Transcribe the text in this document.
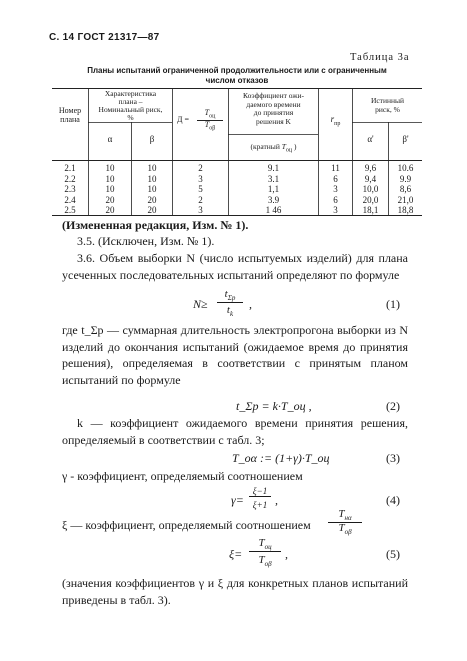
С. 14 ГОСТ 21317—87
Таблица 3а
Планы испытаний ограниченной продолжительности или с ограниченным
числом отказов
Номер
плана
Характеристика
плана –
Номинальный риск,
%
α	β
Д =
$T_{оц}$
$T_{o\beta}$
Коэффициент ожи-
даемого времени
до принятия
решения K
(кратный $T_{оц}$ )
$r_{пр}$
Истинный
риск, %
α'	β'
2.1	10	10	2	9.1	11	9,6	10.6
2.2	10	10	3	3.1	6	9,4	9.9
2.3	10	10	5	1,1	3	10,0	8,6
2.4	20	20	2	3.9	6	20,0	21,0
2.5	20	20	3	1 46	3	18,1	18,8
(Измененная редакция, Изм. № 1).
3.5. (Исключен, Изм. № 1).

3.6. Объем выборки N (число испытуемых изделий) для плана усеченных последовательных испытаний определяют по формуле

N≥
$t_{\Sigma р}$
$t_k$
,	(1)

где t_Σр — суммарная длительность электропрогона выборки из N изделий до окончания испытаний (ожидаемое время до принятия решения), определяемая в соответствии с принятым планом испытаний по формуле

t_Σр = k·T_оц ,	(2)

k — коэффициент ожидаемого времени принятия решения, определяемый в соответствии с табл. 3;

T_оα := (1+γ)·T_оц	(3)

γ - коэффициент, определяемый соотношением

γ=
ξ−1
ξ+1 ,	(4)
ξ — коэффициент, определяемый соотношением
$T_{н\alpha}$
$T_{о\beta}$
ξ=
$T_{оц}$
$T_{о\beta}$
,	(5)

(значения коэффициентов γ и ξ для конкретных планов испытаний приведены в табл. 3).
